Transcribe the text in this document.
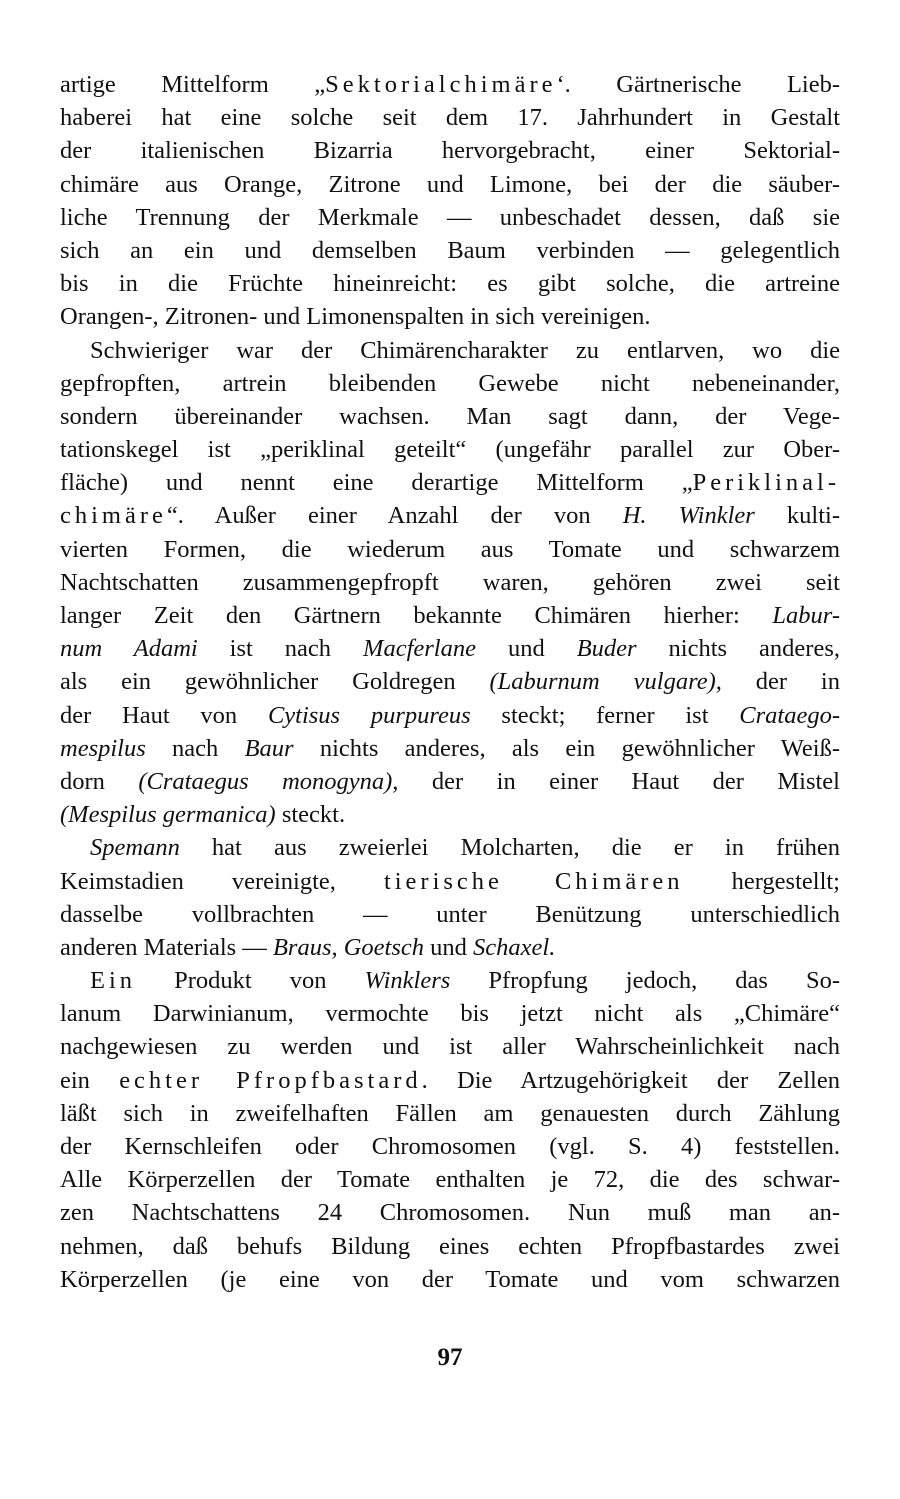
artige Mittelform „Sektorialchimäre‘. Gärtnerische Lieb-
haberei hat eine solche seit dem 17. Jahrhundert in Gestalt
der italienischen Bizarria hervorgebracht, einer Sektorial-
chimäre aus Orange, Zitrone und Limone, bei der die säuber-
liche Trennung der Merkmale — unbeschadet dessen, daß sie
sich an ein und demselben Baum verbinden — gelegentlich
bis in die Früchte hineinreicht: es gibt solche, die artreine
Orangen-, Zitronen- und Limonenspalten in sich vereinigen.
Schwieriger war der Chimärencharakter zu entlarven, wo die
gepfropften, artrein bleibenden Gewebe nicht nebeneinander,
sondern übereinander wachsen. Man sagt dann, der Vege-
tationskegel ist „periklinal geteilt“ (ungefähr parallel zur Ober-
fläche) und nennt eine derartige Mittelform „Periklinal-
chimäre“. Außer einer Anzahl der von H. Winkler kulti-
vierten Formen, die wiederum aus Tomate und schwarzem
Nachtschatten zusammengepfropft waren, gehören zwei seit
langer Zeit den Gärtnern bekannte Chimären hierher: Labur-
num Adami ist nach Macferlane und Buder nichts anderes,
als ein gewöhnlicher Goldregen (Laburnum vulgare), der in
der Haut von Cytisus purpureus steckt; ferner ist Crataego-
mespilus nach Baur nichts anderes, als ein gewöhnlicher Weiß-
dorn (Crataegus monogyna), der in einer Haut der Mistel
(Mespilus germanica) steckt.
Spemann hat aus zweierlei Molcharten, die er in frühen
Keimstadien vereinigte, tierische Chimären hergestellt;
dasselbe vollbrachten — unter Benützung unterschiedlich
anderen Materials — Braus, Goetsch und Schaxel.
Ein Produkt von Winklers Pfropfung jedoch, das So-
lanum Darwinianum, vermochte bis jetzt nicht als „Chimäre“
nachgewiesen zu werden und ist aller Wahrscheinlichkeit nach
ein echter Pfropfbastard. Die Artzugehörigkeit der Zellen
läßt sich in zweifelhaften Fällen am genauesten durch Zählung
der Kernschleifen oder Chromosomen (vgl. S. 4) feststellen.
Alle Körperzellen der Tomate enthalten je 72, die des schwar-
zen Nachtschattens 24 Chromosomen. Nun muß man an-
nehmen, daß behufs Bildung eines echten Pfropfbastardes zwei
Körperzellen (je eine von der Tomate und vom schwarzen
97
